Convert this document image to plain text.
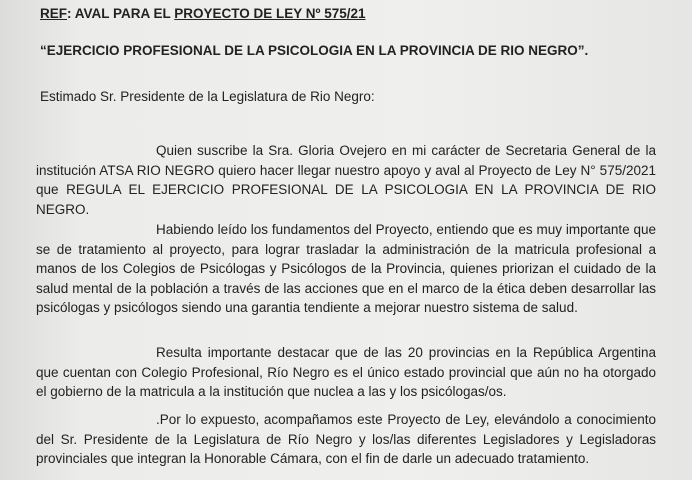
REF: AVAL PARA EL PROYECTO DE LEY Nº 575/21
“EJERCICIO PROFESIONAL DE LA PSICOLOGIA EN LA PROVINCIA DE RIO NEGRO”.
Estimado Sr. Presidente de la Legislatura de Rio Negro:

Quien suscribe la Sra. Gloria Ovejero en mi carácter de Secretaria General de la institución ATSA RIO NEGRO quiero hacer llegar nuestro apoyo y aval al Proyecto de Ley N° 575/2021 que REGULA EL EJERCICIO PROFESIONAL DE LA PSICOLOGIA EN LA PROVINCIA DE RIO NEGRO.

Habiendo leído los fundamentos del Proyecto, entiendo que es muy importante que se de tratamiento al proyecto, para lograr trasladar la administración de la matricula profesional a manos de los Colegios de Psicólogas y Psicólogos de la Provincia, quienes priorizan el cuidado de la salud mental de la población a través de las acciones que en el marco de la ética deben desarrollar las psicólogas y psicólogos siendo una garantia tendiente a mejorar nuestro sistema de salud.

Resulta importante destacar que de las 20 provincias en la República Argentina que cuentan con Colegio Profesional, Río Negro es el único estado provincial que aún no ha otorgado el gobierno de la matricula a la institución que nuclea a las y los psicólogas/os.

.Por lo expuesto, acompañamos este Proyecto de Ley, elevándolo a conocimiento del Sr. Presidente de la Legislatura de Río Negro y los/las diferentes Legisladores y Legisladoras provinciales que integran la Honorable Cámara, con el fin de darle un adecuado tratamiento.
